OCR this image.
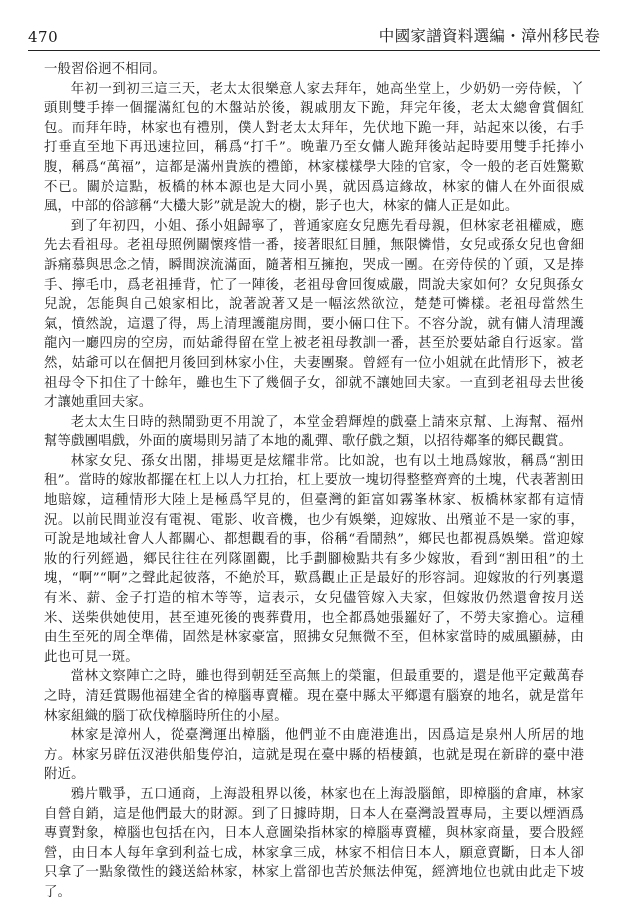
470	中國家譜資料選編・漳州移民卷

一般習俗迥不相同。

年初一到初三這三天，老太太很樂意人家去拜年，她高坐堂上，少奶奶一旁侍候，丫頭則雙手捧一個擺滿紅包的木盤站於後，親戚朋友下跪，拜完年後，老太太總會賞個紅包。而拜年時，林家也有禮別，僕人對老太太拜年，先伏地下跪一拜，站起來以後，右手打垂直至地下再迅速拉回，稱爲“打千”。晚輩乃至女傭人跪拜後站起時要用雙手托捧小腹，稱爲“萬福”，這都是滿州貴族的禮節，林家樣樣學大陸的官家，令一般的老百姓驚歎不已。關於這點，板橋的林本源也是大同小異，就因爲這緣故，林家的傭人在外面很威風，中部的俗諺稱“大欉大影”就是說大的樹，影子也大，林家的傭人正是如此。

到了年初四，小姐、孫小姐歸寧了，普通家庭女兒應先看母親，但林家老祖權威，應先去看祖母。老祖母照例關懷疼惜一番，接著眼紅目腫，無限憐惜，女兒或孫女兒也會細訴痛慕與思念之情，瞬間淚流滿面，隨著相互擁抱，哭成一團。在旁侍侯的丫頭，又是捧手、擰毛巾，爲老祖捶背，忙了一陣後，老祖母會回復威嚴，問說夫家如何？女兒與孫女兒說，怎能與自己娘家相比，說著說著又是一幅泫然欲泣，楚楚可憐樣。老祖母當然生氣，憤然說，這還了得，馬上清理護龍房間，要小倆口住下。不容分說，就有傭人清理護龍內一廳四房的空房，而姑爺得留在堂上被老祖母教訓一番，甚至於要姑爺自行返家。當然，姑爺可以在個把月後回到林家小住，夫妻團聚。曾經有一位小姐就在此情形下，被老祖母令下扣住了十餘年，雖也生下了幾個子女，卻就不讓她回夫家。一直到老祖母去世後才讓她重回夫家。

老太太生日時的熱鬧勁更不用說了，本堂金碧輝煌的戲臺上請來京幫、上海幫、福州幫等戲團唱戲，外面的廣場則另請了本地的亂彈、歌仔戲之類，以招待鄰峯的鄉民觀賞。

林家女兒、孫女出閣，排場更是炫耀非常。比如說，也有以土地爲嫁妝，稱爲“割田租”。當時的嫁妝都擺在杠上以人力扛抬，杠上要放一塊切得整整齊齊的土塊，代表著割田地賠嫁，這種情形大陸上是極爲罕見的，但臺灣的鉅富如霧峯林家、板橋林家都有這情況。以前民間並沒有電視、電影、收音機，也少有娛樂，迎嫁妝、出殯並不是一家的事，可說是地域社會人人都關心、都想觀看的事，俗稱“看鬧熱”，鄉民也都視爲娛樂。當迎嫁妝的行列經過，鄉民往往在列隊圍觀，比手劃腳檢點共有多少嫁妝，看到“割田租”的土塊，“啊”“啊”之聲此起彼落，不絶於耳，歎爲觀止正是最好的形容詞。迎嫁妝的行列裏還有米、薪、金子打造的棺木等等，這表示，女兒儘管嫁入夫家，但嫁妝仍然還會按月送米、送柴供她使用，甚至連死後的喪葬費用，也全都爲她張羅好了，不勞夫家擔心。這種由生至死的周全準備，固然是林家豪富，照拂女兒無微不至，但林家當時的威風顯赫，由此也可見一斑。

當林文察陣亡之時，雖也得到朝廷至高無上的榮寵，但最重要的，還是他平定戴萬春之時，清廷賞賜他福建全省的樟腦專賣權。現在臺中縣太平鄉還有腦寮的地名，就是當年林家組織的腦丁砍伐樟腦時所住的小屋。

林家是漳州人，從臺灣運出樟腦，他們並不由鹿港進出，因爲這是泉州人所居的地方。林家另辟伍汊港供船隻停泊，這就是現在臺中縣的梧棲鎮，也就是現在新辟的臺中港附近。

鴉片戰爭，五口通商，上海設租界以後，林家也在上海設腦館，即樟腦的倉庫，林家自營自銷，這是他們最大的財源。到了日據時期，日本人在臺灣設置專局，主要以煙酒爲專賣對象，樟腦也包括在內，日本人意圖染指林家的樟腦專賣權，與林家商量，要合股經營，由日本人每年拿到利益七成，林家拿三成，林家不相信日本人，願意賣斷，日本人卻只拿了一點象徵性的錢送給林家，林家上當卻也苦於無法伸冤，經濟地位也就由此走下坡了。
